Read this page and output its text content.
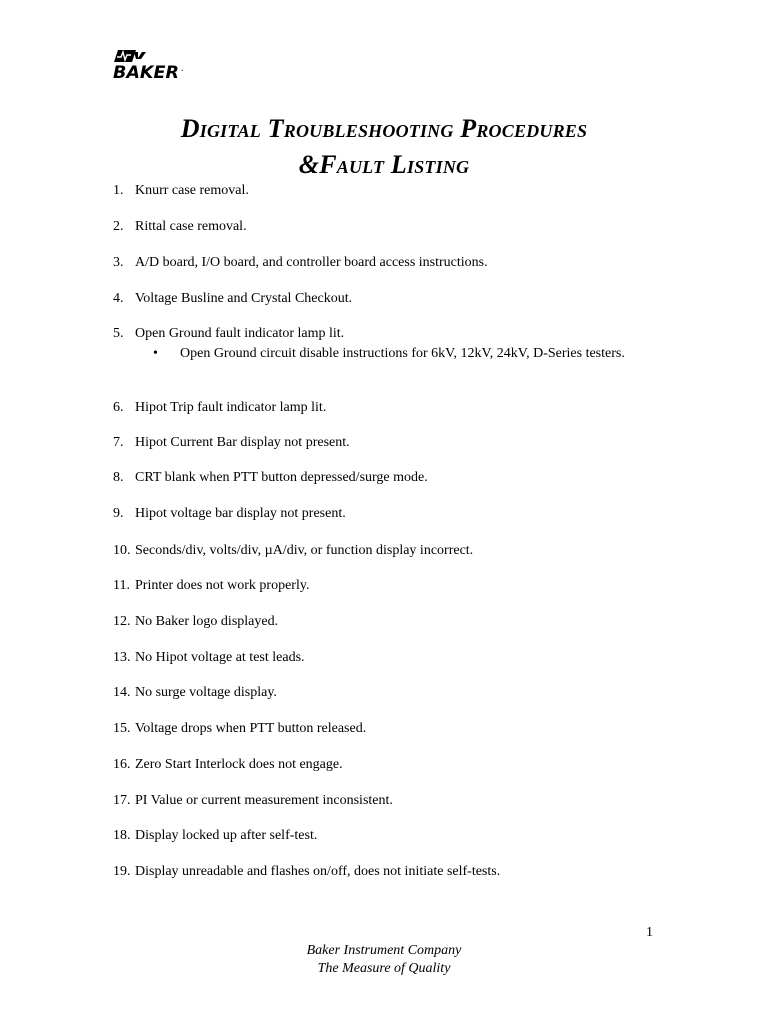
BAKER •
Digital Troubleshooting Procedures
&Fault Listing
1. Knurr case removal.
2. Rittal case removal.
3. A/D board, I/O board, and controller board access instructions.
4. Voltage Busline and Crystal Checkout.
5. Open Ground fault indicator lamp lit.
•	Open Ground circuit disable instructions for 6kV, 12kV, 24kV, D-Series testers.
6. Hipot Trip fault indicator lamp lit.
7. Hipot Current Bar display not present.
8. CRT blank when PTT button depressed/surge mode.
9. Hipot voltage bar display not present.
10. Seconds/div, volts/div, µA/div, or function display incorrect.
11. Printer does not work properly.
12. No Baker logo displayed.
13. No Hipot voltage at test leads.
14. No surge voltage display.
15. Voltage drops when PTT button released.
16. Zero Start Interlock does not engage.
17. PI Value or current measurement inconsistent.
18. Display locked up after self-test.
19. Display unreadable and flashes on/off, does not initiate self-tests.
1
Baker Instrument Company
The Measure of Quality
